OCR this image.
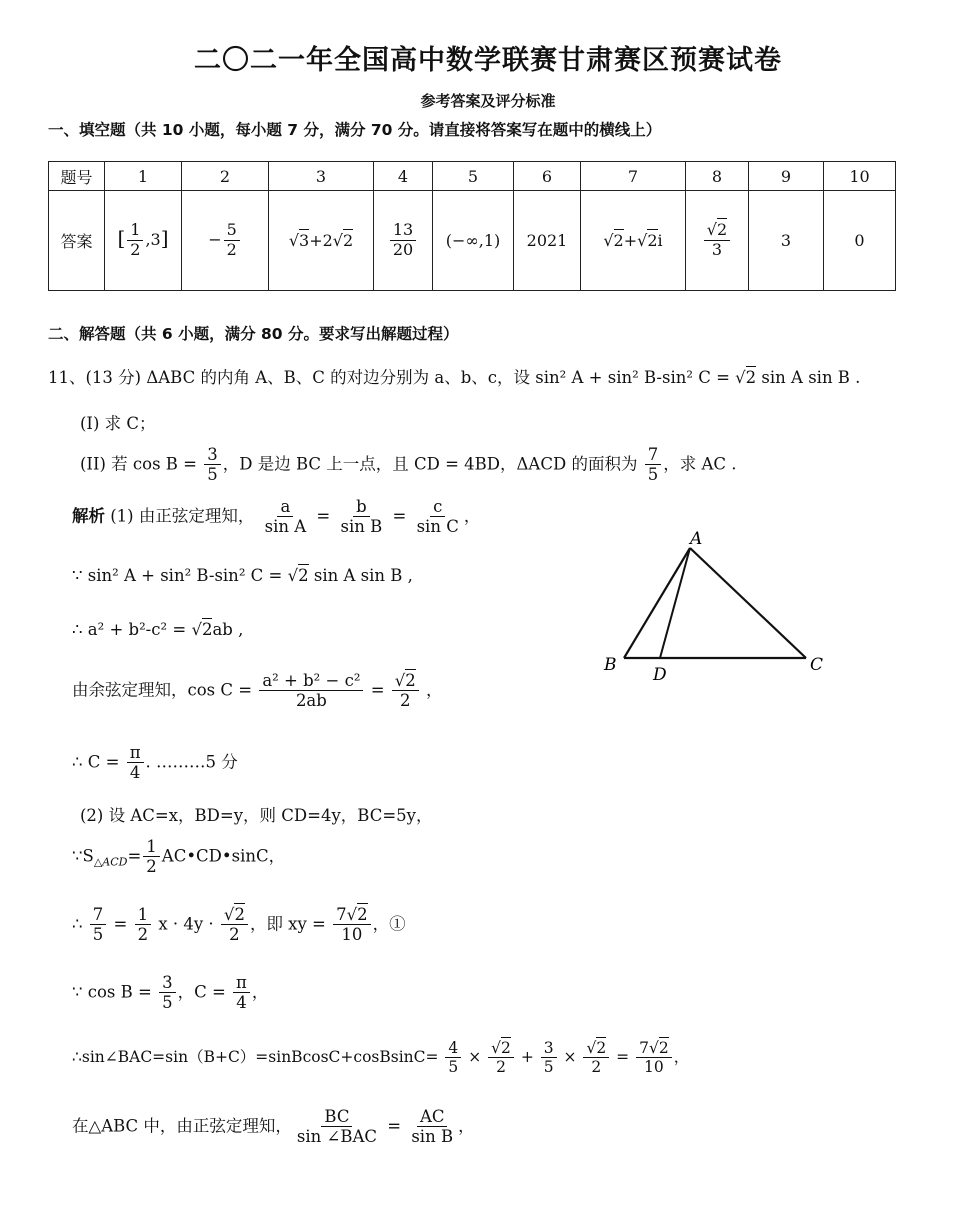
二〇二一年全国高中数学联赛甘肃赛区预赛试卷
参考答案及评分标准
一、填空题（共 10 小题，每小题 7 分，满分 70 分。请直接将答案写在题中的横线上）
题号	1	2	3	4	5	6	7	8	9	10
答案	[ $\frac{1}{2} ,3$]	− $\frac{5}{2}$	√3+2√2	$\frac{13}{20}$	(−∞,1)	2021	√2+√2i	$\frac{√2}{3}$	3	0
二、解答题（共 6 小题，满分 80 分。要求写出解题过程）
11、(13 分) ΔABC 的内角 A、B、C 的对边分别为 a、b、c，设 sin² A + sin² B-sin² C = √2 sin A sin B .
(I) 求 C；
(II) 若 $\cos B = \frac{3}{5}$ ，D 是边 BC 上一点，且 CD = 4BD，ΔACD 的面积为 $\frac{7}{5}$ ，求 AC .
解析 (1) 由正弦定理知， $\frac{a}{\text{sin A}} = \frac{b}{\text{sin B}} = \frac{c}{\text{sin C}}$ ，
∵ sin² A + sin² B-sin² C = √2 sin A sin B ,
∴ a² + b²-c² = √2ab ,
由余弦定理知，$\cos C = \frac{\text{a² + b² − c²}}{2ab} = \frac{√2}{2}$ ，
∴ $C = \frac{\pi}{4}$ . ………5 分
(2) 设 AC=x，BD=y，则 CD=4y，BC=5y，
$\because S_{\triangle ACD}= \frac{1}{2}$ AC•CD•sinC，
∴ $\frac{7}{5} = \frac{1}{2}$ $x \cdot 4y \cdot \frac{√2}{2}$ ，即 xy = $\frac{7√2}{10}$ ，①
∵ $\cos B = \frac{3}{5}$ ，$C = \frac{\pi}{4}$ ，
∴sin∠BAC=sin（B+C）=sinBcosC+cosBsinC= $\frac{4}{5} \times \frac{√2}{2} + \frac{3}{5} \times \frac{√2}{2} = \frac{7√2}{10}$ ，
在△ABC 中，由正弦定理知， $\frac{BC}{\text{sin ∠BAC}} = \frac{AC}{\text{sin B}}$ ，
A
B D	C
